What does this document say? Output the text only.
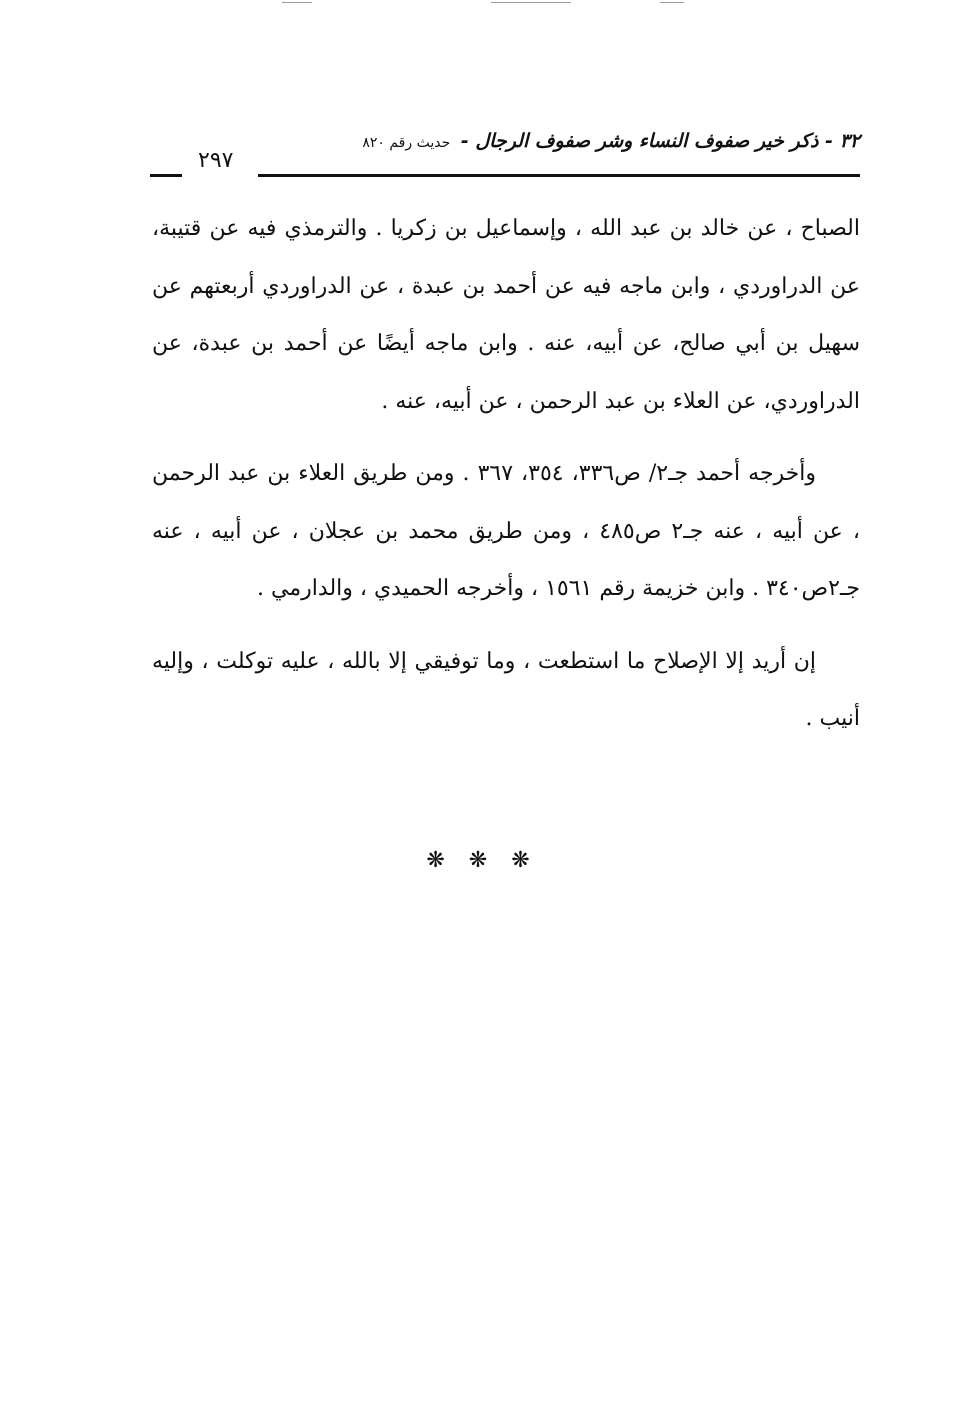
٣٢ - ذكر خير صفوف النساء وشر صفوف الرجال - حديث رقم ٨٢٠
٢٩٧

الصباح ، عن خالد بن عبد الله ، وإسماعيل بن زكريا . والترمذي فيه عن قتيبة، عن الدراوردي ، وابن ماجه فيه عن أحمد بن عبدة ، عن الدراوردي أربعتهم عن سهيل بن أبي صالح، عن أبيه، عنه . وابن ماجه أيضًا عن أحمد بن عبدة، عن الدراوردي، عن العلاء بن عبد الرحمن ، عن أبيه، عنه .

وأخرجه أحمد جـ٢/ ص٣٣٦، ٣٥٤، ٣٦٧ . ومن طريق العلاء بن عبد الرحمن ، عن أبيه ، عنه جـ٢ ص٤٨٥ ، ومن طريق محمد بن عجلان ، عن أبيه ، عنه جـ٢ص٣٤٠ . وابن خزيمة رقم ١٥٦١ ، وأخرجه الحميدي ، والدارمي .

إن أريد إلا الإصلاح ما استطعت ، وما توفيقي إلا بالله ، عليه توكلت ، وإليه أنيب .

❋❋❋
